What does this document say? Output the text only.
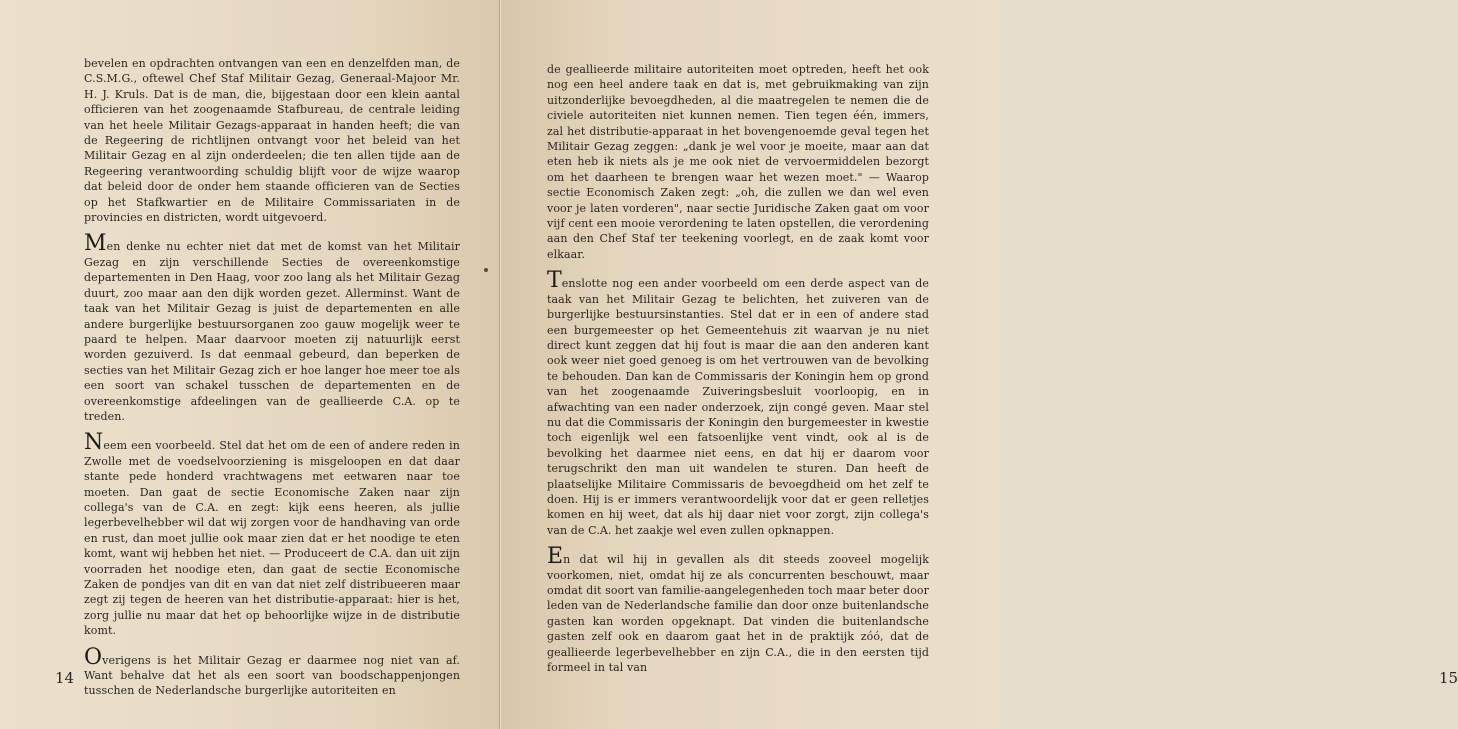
bevelen en opdrachten ontvangen van een en denzelfden man, de C.S.M.G., oftewel Chef Staf Militair Gezag, Generaal-Majoor Mr. H. J. Kruls. Dat is de man, die, bijgestaan door een klein aantal officieren van het zoogenaamde Stafbureau, de centrale leiding van het heele Militair Gezags-apparaat in handen heeft; die van de Regeering de richtlijnen ontvangt voor het beleid van het Militair Gezag en al zijn onderdeelen; die ten allen tijde aan de Regeering verantwoording schuldig blijft voor de wijze waarop dat beleid door de onder hem staande officieren van de Secties op het Stafkwartier en de Militaire Commissariaten in de provincies en districten, wordt uitgevoerd.

Men denke nu echter niet dat met de komst van het Militair Gezag en zijn verschillende Secties de overeenkomstige departementen in Den Haag, voor zoo lang als het Militair Gezag duurt, zoo maar aan den dijk worden gezet. Allerminst. Want de taak van het Militair Gezag is juist de departementen en alle andere burgerlijke bestuursorganen zoo gauw mogelijk weer te paard te helpen. Maar daarvoor moeten zij natuurlijk eerst worden gezuiverd. Is dat eenmaal gebeurd, dan beperken de secties van het Militair Gezag zich er hoe langer hoe meer toe als een soort van schakel tusschen de departementen en de overeenkomstige afdeelingen van de geallieerde C.A. op te treden.

Neem een voorbeeld. Stel dat het om de een of andere reden in Zwolle met de voedselvoorziening is misgeloopen en dat daar stante pede honderd vrachtwagens met eetwaren naar toe moeten. Dan gaat de sectie Economische Zaken naar zijn collega's van de C.A. en zegt: kijk eens heeren, als jullie legerbevelhebber wil dat wij zorgen voor de handhaving van orde en rust, dan moet jullie ook maar zien dat er het noodige te eten komt, want wij hebben het niet. — Produceert de C.A. dan uit zijn voorraden het noodige eten, dan gaat de sectie Economische Zaken de pondjes van dit en van dat niet zelf distribueeren maar zegt zij tegen de heeren van het distributie-apparaat: hier is het, zorg jullie nu maar dat het op behoorlijke wijze in de distributie komt.

Overigens is het Militair Gezag er daarmee nog niet van af. Want behalve dat het als een soort van boodschappenjongen tusschen de Nederlandsche burgerlijke autoriteiten en

14

de geallieerde militaire autoriteiten moet optreden, heeft het ook nog een heel andere taak en dat is, met gebruikmaking van zijn uitzonderlijke bevoegdheden, al die maatregelen te nemen die de civiele autoriteiten niet kunnen nemen. Tien tegen één, immers, zal het distributie-apparaat in het bovengenoemde geval tegen het Militair Gezag zeggen: „dank je wel voor je moeite, maar aan dat eten heb ik niets als je me ook niet de vervoermiddelen bezorgt om het daarheen te brengen waar het wezen moet." — Waarop sectie Economisch Zaken zegt: „oh, die zullen we dan wel even voor je laten vorderen", naar sectie Juridische Zaken gaat om voor vijf cent een mooie verordening te laten opstellen, die verordening aan den Chef Staf ter teekening voorlegt, en de zaak komt voor elkaar.

Tenslotte nog een ander voorbeeld om een derde aspect van de taak van het Militair Gezag te belichten, het zuiveren van de burgerlijke bestuursinstanties. Stel dat er in een of andere stad een burgemeester op het Gemeentehuis zit waarvan je nu niet direct kunt zeggen dat hij fout is maar die aan den anderen kant ook weer niet goed genoeg is om het vertrouwen van de bevolking te behouden. Dan kan de Commissaris der Koningin hem op grond van het zoogenaamde Zuiveringsbesluit voorloopig, en in afwachting van een nader onderzoek, zijn congé geven. Maar stel nu dat die Commissaris der Koningin den burgemeester in kwestie toch eigenlijk wel een fatsoenlijke vent vindt, ook al is de bevolking het daarmee niet eens, en dat hij er daarom voor terugschrikt den man uit wandelen te sturen. Dan heeft de plaatselijke Militaire Commissaris de bevoegdheid om het zelf te doen. Hij is er immers verantwoordelijk voor dat er geen relletjes komen en hij weet, dat als hij daar niet voor zorgt, zijn collega's van de C.A. het zaakje wel even zullen opknappen.

En dat wil hij in gevallen als dit steeds zooveel mogelijk voorkomen, niet, omdat hij ze als concurrenten beschouwt, maar omdat dit soort van familie-aangelegenheden toch maar beter door leden van de Nederlandsche familie dan door onze buitenlandsche gasten kan worden opgeknapt. Dat vinden die buitenlandsche gasten zelf ook en daarom gaat het in de praktijk zóó, dat de geallieerde legerbevelhebber en zijn C.A., die in den eersten tijd formeel in tal van

15
